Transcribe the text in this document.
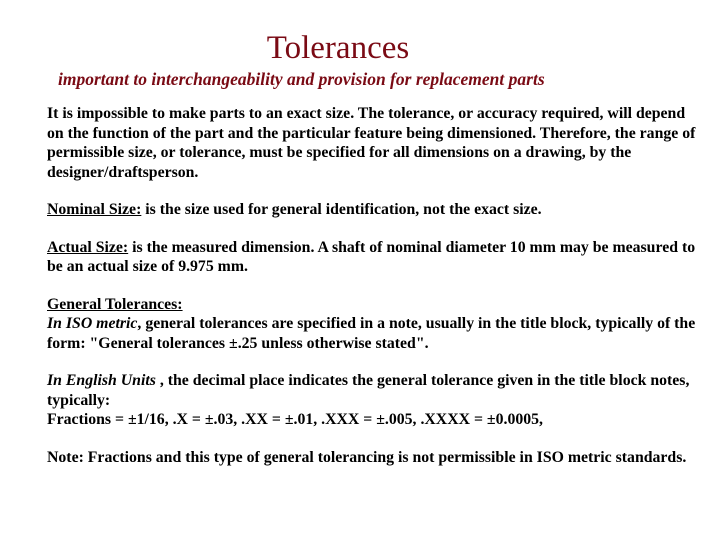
Tolerances
important to interchangeability and provision for replacement parts

It is impossible to make parts to an exact size. The tolerance, or accuracy required, will depend on the function of the part and the particular feature being dimensioned. Therefore, the range of permissible size, or tolerance, must be specified for all dimensions on a drawing, by the designer/draftsperson.

Nominal Size: is the size used for general identification, not the exact size.

Actual Size: is the measured dimension. A shaft of nominal diameter 10 mm may be measured to be an actual size of 9.975 mm.

General Tolerances:
In ISO metric, general tolerances are specified in a note, usually in the title block, typically of the form: "General tolerances ±.25 unless otherwise stated".

In English Units , the decimal place indicates the general tolerance given in the title block notes, typically:
Fractions = ±1/16, .X = ±.03, .XX = ±.01, .XXX = ±.005, .XXXX = ±0.0005,

Note: Fractions and this type of general tolerancing is not permissible in ISO metric standards.
